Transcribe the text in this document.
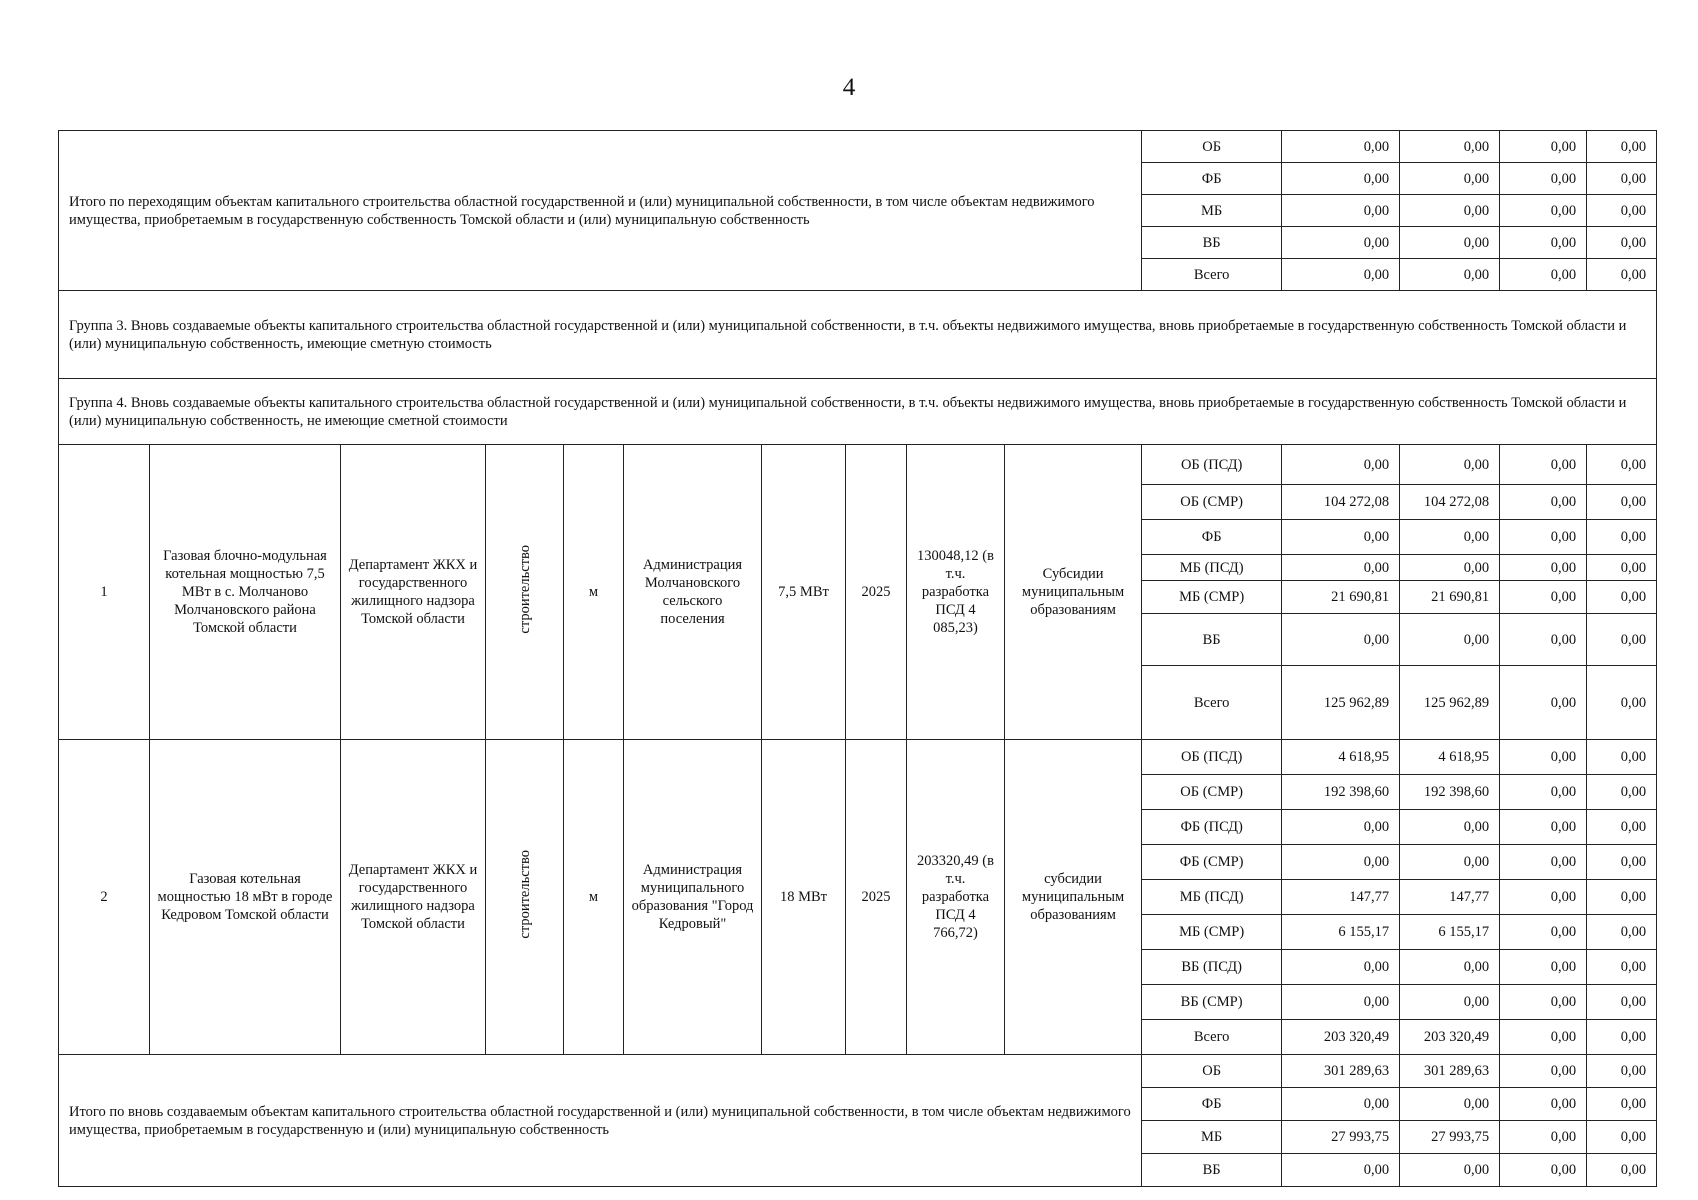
4
Итого по переходящим объектам капитального строительства областной государственной и (или) муниципальной собственности, в том числе объектам недвижимого имущества, приобретаемым в государственную собственность Томской области и (или) муниципальную собственность										ОБ	0,00	0,00	0,00	0,00
										ФБ	0,00	0,00	0,00	0,00
										МБ	0,00	0,00	0,00	0,00
										ВБ	0,00	0,00	0,00	0,00
										Всего	0,00	0,00	0,00	0,00
Группа 3. Вновь создаваемые объекты капитального строительства областной государственной и (или) муниципальной собственности, в т.ч. объекты недвижимого имущества, вновь приобретаемые в государственную собственность Томской области и (или) муниципальную собственность, имеющие сметную стоимость														
Группа 4. Вновь создаваемые объекты капитального строительства областной государственной и (или) муниципальной собственности, в т.ч. объекты недвижимого имущества, вновь приобретаемые в государственную собственность Томской области и (или) муниципальную собственность, не имеющие сметной стоимости														
1	Газовая блочно-модульная котельная мощностью 7,5 МВт в с. Молчаново Молчановского района Томской области	Департамент ЖКХ и государственного жилищного надзора Томской области	строительство	м	Администрация Молчановского сельского поселения	7,5 МВт	2025	130048,12 (в т.ч. разработка ПСД 4 085,23)	Субсидии муниципальным образованиям	ОБ (ПСД)	0,00	0,00	0,00	0,00
										ОБ (СМР)	104 272,08	104 272,08	0,00	0,00
										ФБ	0,00	0,00	0,00	0,00
										МБ (ПСД)	0,00	0,00	0,00	0,00
										МБ (СМР)	21 690,81	21 690,81	0,00	0,00
										ВБ	0,00	0,00	0,00	0,00
										Всего	125 962,89	125 962,89	0,00	0,00
2	Газовая котельная мощностью 18 мВт в городе Кедровом Томской области	Департамент ЖКХ и государственного жилищного надзора Томской области	строительство	м	Администрация муниципального образования "Город Кедровый"	18 МВт	2025	203320,49 (в т.ч. разработка ПСД 4 766,72)	субсидии муниципальным образованиям	ОБ (ПСД)	4 618,95	4 618,95	0,00	0,00
										ОБ (СМР)	192 398,60	192 398,60	0,00	0,00
										ФБ (ПСД)	0,00	0,00	0,00	0,00
										ФБ (СМР)	0,00	0,00	0,00	0,00
										МБ (ПСД)	147,77	147,77	0,00	0,00
										МБ (СМР)	6 155,17	6 155,17	0,00	0,00
										ВБ (ПСД)	0,00	0,00	0,00	0,00
										ВБ (СМР)	0,00	0,00	0,00	0,00
										Всего	203 320,49	203 320,49	0,00	0,00
Итого по вновь создаваемым объектам капитального строительства областной государственной и (или) муниципальной собственности, в том числе объектам недвижимого имущества, приобретаемым в государственную и (или) муниципальную собственность										ОБ	301 289,63	301 289,63	0,00	0,00
										ФБ	0,00	0,00	0,00	0,00
										МБ	27 993,75	27 993,75	0,00	0,00
										ВБ	0,00	0,00	0,00	0,00
